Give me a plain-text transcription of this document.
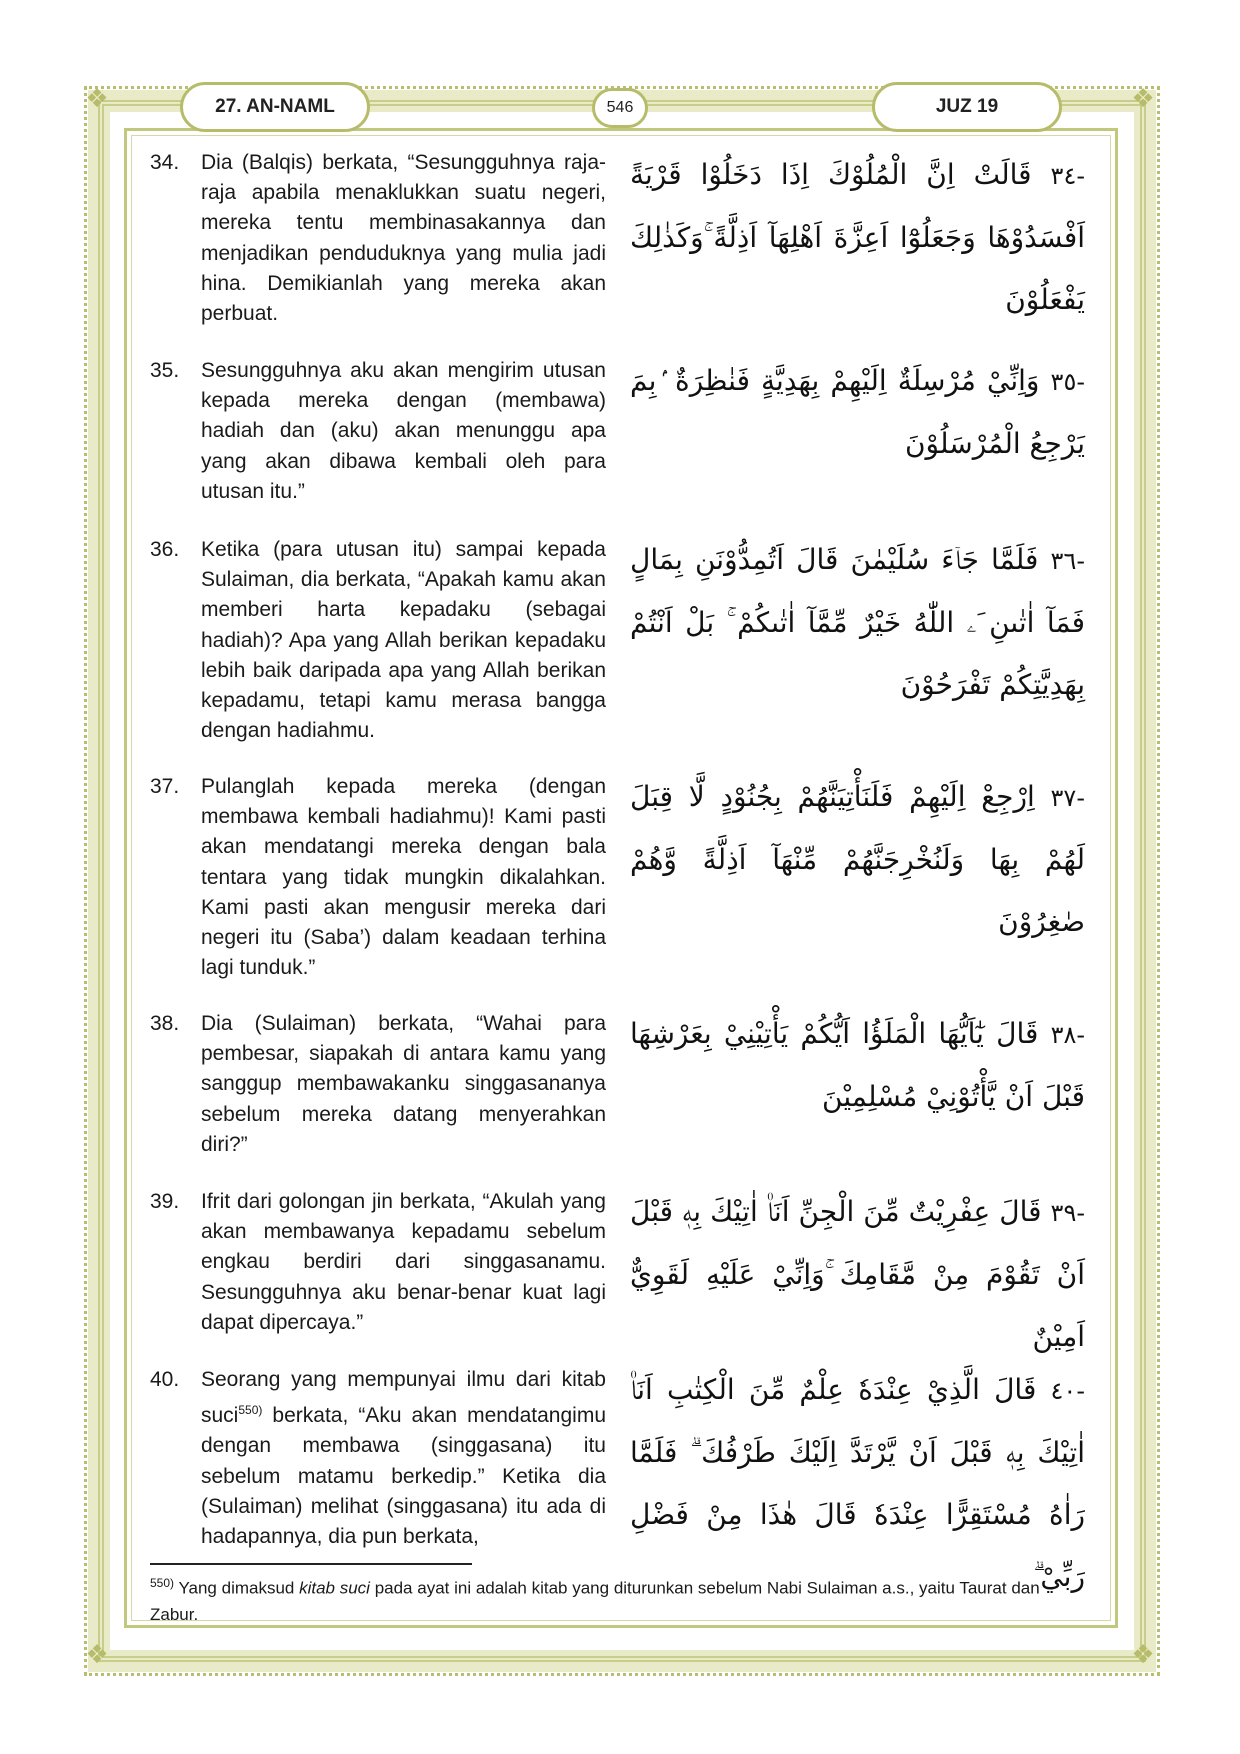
❖	❖
❖	❖
27. AN-NAML	546	JUZ 19
34. Dia (Balqis) berkata, “Sesungguhnya raja-raja apabila menaklukkan suatu negeri, mereka tentu membinasakannya dan menjadikan penduduknya yang mulia jadi hina. Demikianlah yang mereka akan perbuat.
-٣٤ قَالَتْ اِنَّ الْمُلُوْكَ اِذَا دَخَلُوْا قَرْيَةً اَفْسَدُوْهَا وَجَعَلُوْٓا اَعِزَّةَ اَهْلِهَآ اَذِلَّةً ۚوَكَذٰلِكَ يَفْعَلُوْنَ
35. Sesungguhnya aku akan mengirim utusan kepada mereka dengan (membawa) hadiah dan (aku) akan menunggu apa yang akan dibawa kembali oleh para utusan itu.”
-٣٥ وَاِنِّيْ مُرْسِلَةٌ اِلَيْهِمْ بِهَدِيَّةٍ فَنٰظِرَةٌ ۢبِمَ يَرْجِعُ الْمُرْسَلُوْنَ
36. Ketika (para utusan itu) sampai kepada Sulaiman, dia berkata, “Apakah kamu akan memberi harta kepadaku (sebagai hadiah)? Apa yang Allah berikan kepadaku lebih baik daripada apa yang Allah berikan kepadamu, tetapi kamu merasa bangga dengan hadiahmu.
-٣٦ فَلَمَّا جَاۤءَ سُلَيْمٰنَ قَالَ اَتُمِدُّوْنَنِ بِمَالٍ فَمَآ اٰتٰىنِ َۦ اللّٰهُ خَيْرٌ مِّمَّآ اٰتٰىكُمْ ۚ بَلْ اَنْتُمْ بِهَدِيَّتِكُمْ تَفْرَحُوْنَ
37. Pulanglah kepada mereka (dengan membawa kembali hadiahmu)! Kami pasti akan mendatangi mereka dengan bala tentara yang tidak mungkin dikalahkan. Kami pasti akan mengusir mereka dari negeri itu (Saba’) dalam keadaan terhina lagi tunduk.”
-٣٧ اِرْجِعْ اِلَيْهِمْ فَلَنَأْتِيَنَّهُمْ بِجُنُوْدٍ لَّا قِبَلَ لَهُمْ بِهَا وَلَنُخْرِجَنَّهُمْ مِّنْهَآ اَذِلَّةً وَّهُمْ صٰغِرُوْنَ
38. Dia (Sulaiman) berkata, “Wahai para pembesar, siapakah di antara kamu yang sanggup membawakanku singgasananya sebelum mereka datang menyerahkan diri?”
-٣٨ قَالَ يٰٓاَيُّهَا الْمَلَؤُا اَيُّكُمْ يَأْتِيْنِيْ بِعَرْشِهَا قَبْلَ اَنْ يَّأْتُوْنِيْ مُسْلِمِيْنَ
39. Ifrit dari golongan jin berkata, “Akulah yang akan membawanya kepadamu sebelum engkau berdiri dari singgasanamu. Sesungguhnya aku benar-benar kuat lagi dapat dipercaya.”
-٣٩ قَالَ عِفْرِيْتٌ مِّنَ الْجِنِّ اَنَا۠ اٰتِيْكَ بِهٖ قَبْلَ اَنْ تَقُوْمَ مِنْ مَّقَامِكَ ۚوَاِنِّيْ عَلَيْهِ لَقَوِيٌّ اَمِيْنٌ
40. Seorang yang mempunyai ilmu dari kitab suci$^{550)}$ berkata, “Aku akan mendatangimu dengan membawa (singgasana) itu sebelum matamu berkedip.” Ketika dia (Sulaiman) melihat (singgasana) itu ada di hadapannya, dia pun berkata,
-٤٠ قَالَ الَّذِيْ عِنْدَهٗ عِلْمٌ مِّنَ الْكِتٰبِ اَنَا۠ اٰتِيْكَ بِهٖ قَبْلَ اَنْ يَّرْتَدَّ اِلَيْكَ طَرْفُكَ ۗ فَلَمَّا رَاٰهُ مُسْتَقِرًّا عِنْدَهٗ قَالَ هٰذَا مِنْ فَضْلِ رَبِّيْ ۗ
$^{550)}$ Yang dimaksud kitab suci pada ayat ini adalah kitab yang diturunkan sebelum Nabi Sulaiman a.s., yaitu Taurat dan Zabur.
